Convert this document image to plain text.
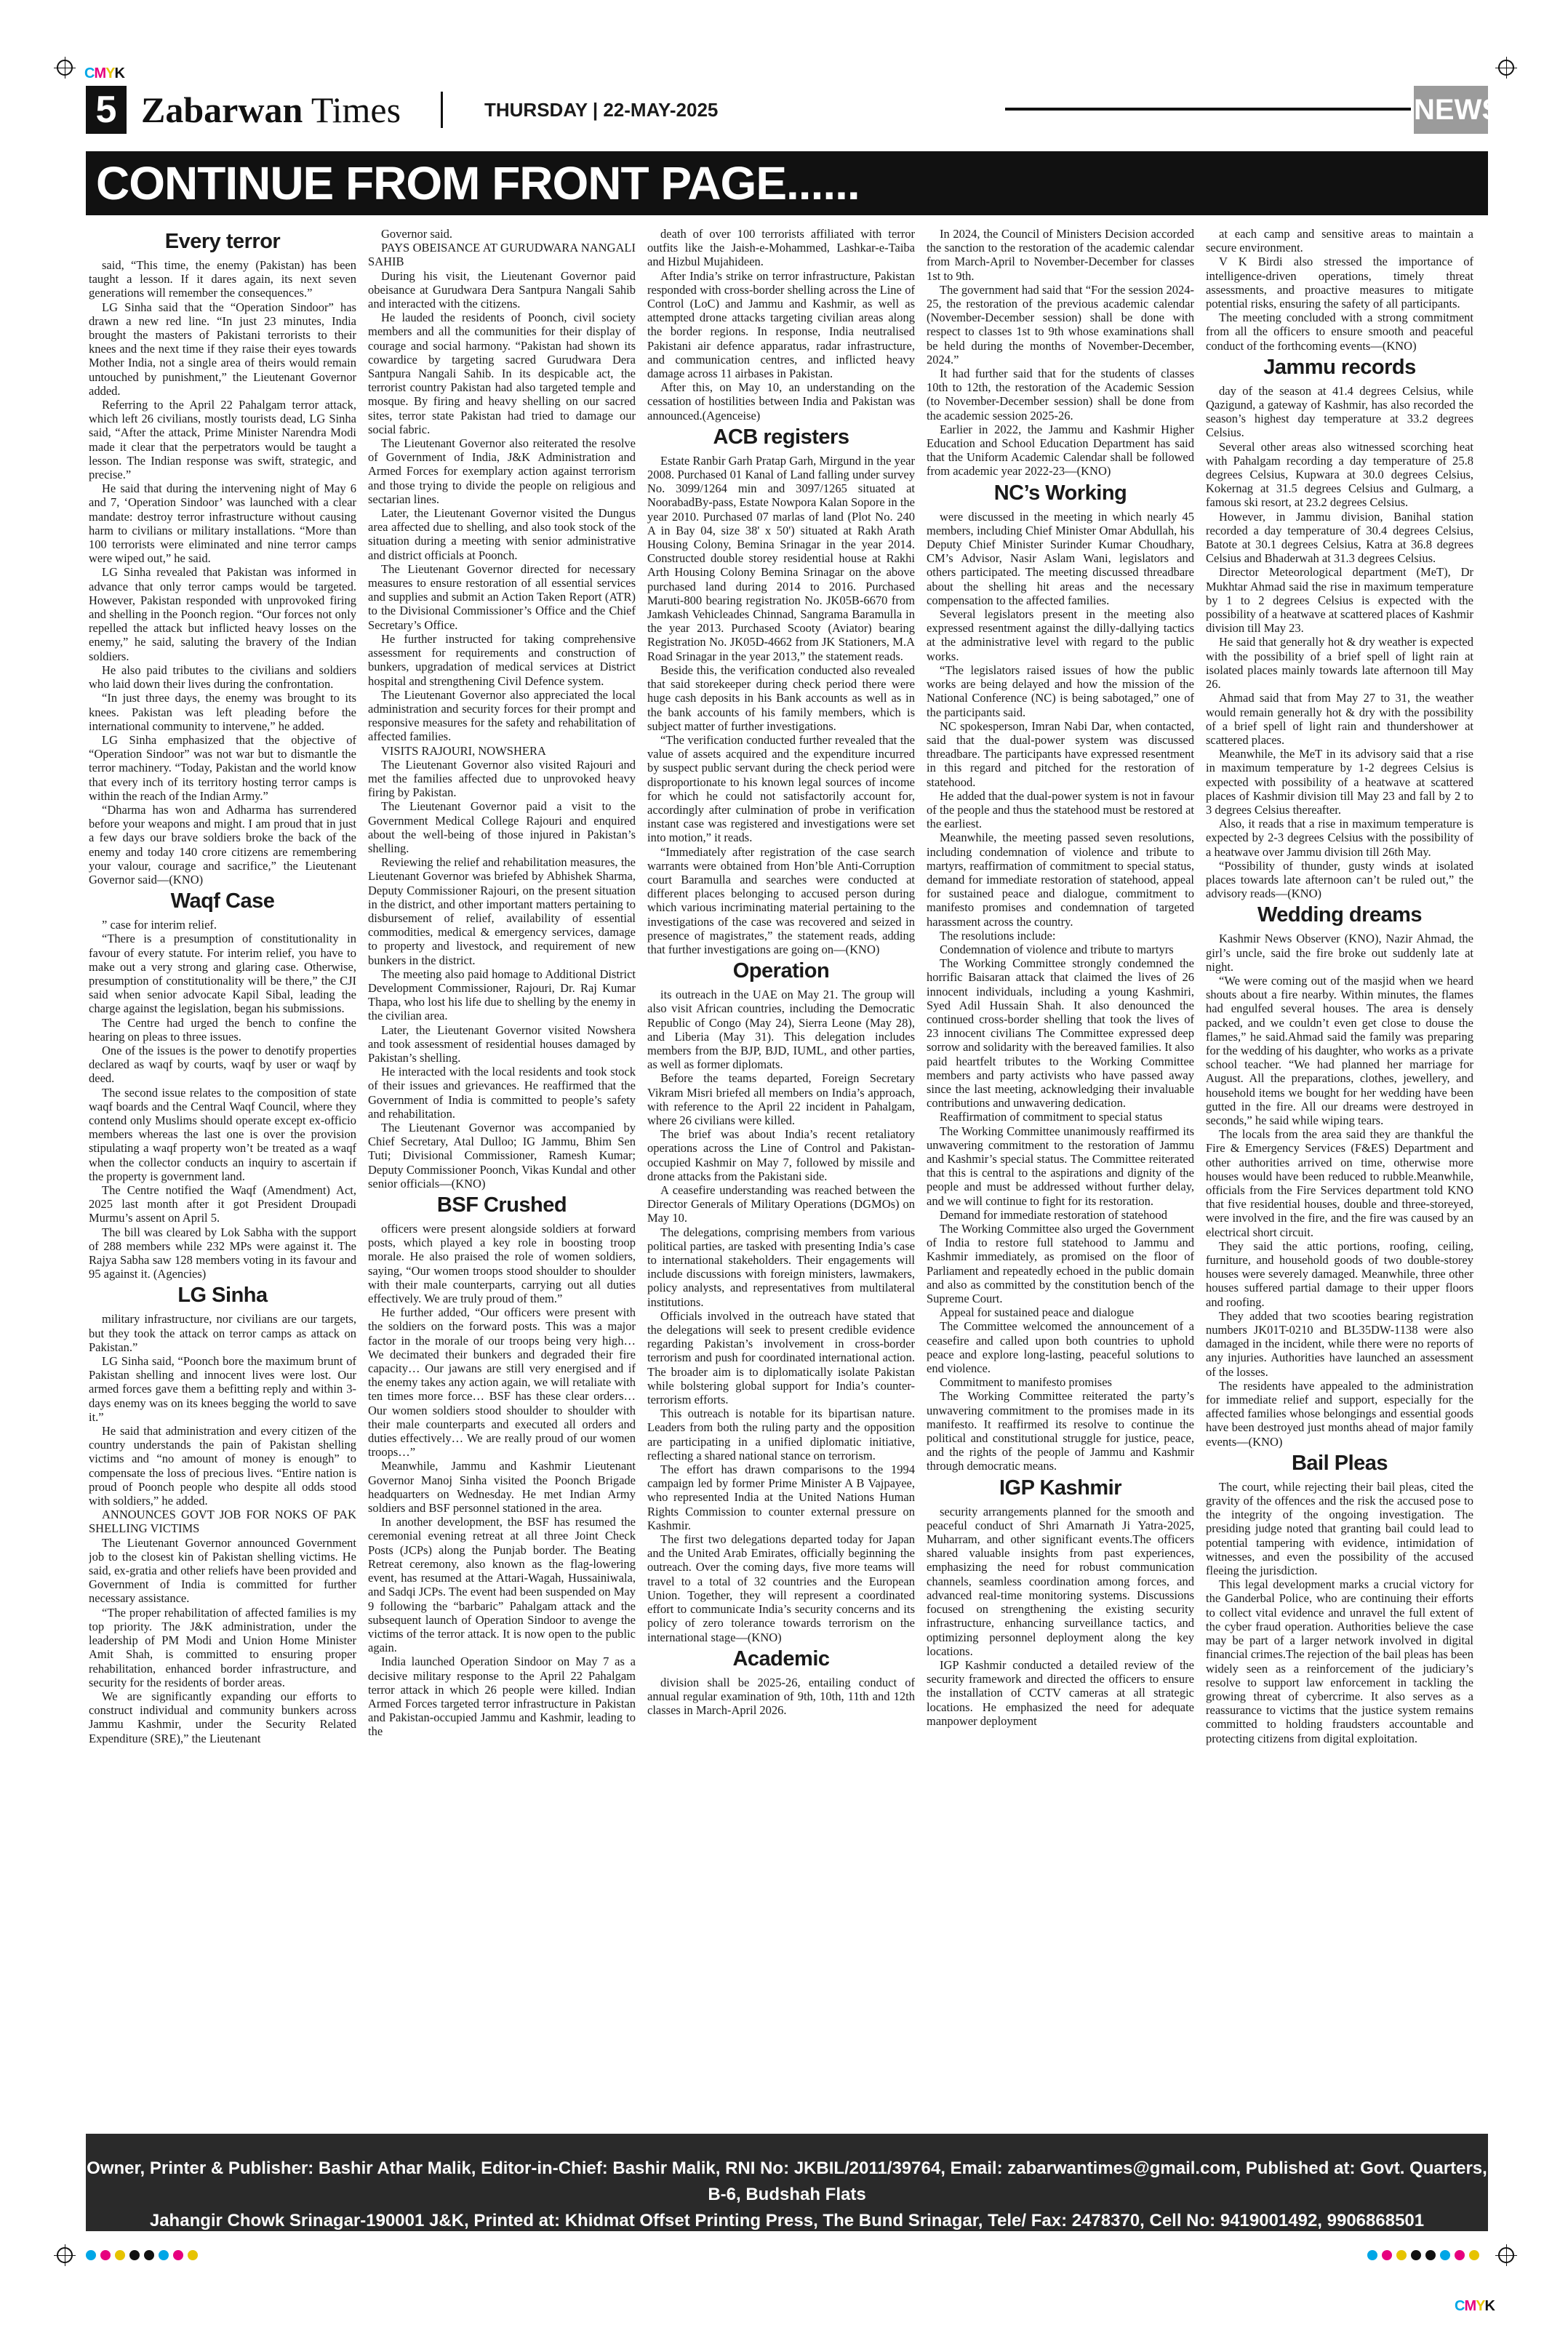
CMYK
5 Zabarwan Times	THURSDAY | 22-MAY-2025	NEWS
CONTINUE FROM FRONT PAGE......
Every terror

said, “This time, the enemy (Pakistan) has been taught a lesson. If it dares again, its next seven generations will remember the consequences.”

LG Sinha said that the “Operation Sindoor” has drawn a new red line. “In just 23 minutes, India brought the masters of Pakistani terrorists to their knees and the next time if they raise their eyes towards Mother India, not a single area of theirs would remain untouched by punishment,” the Lieutenant Governor added.

Referring to the April 22 Pahalgam terror attack, which left 26 civilians, mostly tourists dead, LG Sinha said, “After the attack, Prime Minister Narendra Modi made it clear that the perpetrators would be taught a lesson. The Indian response was swift, strategic, and precise.”

He said that during the intervening night of May 6 and 7, ‘Operation Sindoor’ was launched with a clear mandate: destroy terror infrastructure without causing harm to civilians or military installations. “More than 100 terrorists were eliminated and nine terror camps were wiped out,” he said.

LG Sinha revealed that Pakistan was informed in advance that only terror camps would be targeted. However, Pakistan responded with unprovoked firing and shelling in the Poonch region. “Our forces not only repelled the attack but inflicted heavy losses on the enemy,” he said, saluting the bravery of the Indian soldiers.

He also paid tributes to the civilians and soldiers who laid down their lives during the confrontation.

“In just three days, the enemy was brought to its knees. Pakistan was left pleading before the international community to intervene,” he added.

LG Sinha emphasized that the objective of “Operation Sindoor” was not war but to dismantle the terror machinery. “Today, Pakistan and the world know that every inch of its territory hosting terror camps is within the reach of the Indian Army.”

“Dharma has won and Adharma has surrendered before your weapons and might. I am proud that in just a few days our brave soldiers broke the back of the enemy and today 140 crore citizens are remembering your valour, courage and sacrifice,” the Lieutenant Governor said—(KNO)

Waqf Case

” case for interim relief.

“There is a presumption of constitutionality in favour of every statute. For interim relief, you have to make out a very strong and glaring case. Otherwise, presumption of constitutionality will be there,” the CJI said when senior advocate Kapil Sibal, leading the charge against the legislation, began his submissions.

The Centre had urged the bench to confine the hearing on pleas to three issues.

One of the issues is the power to denotify properties declared as waqf by courts, waqf by user or waqf by deed.

The second issue relates to the composition of state waqf boards and the Central Waqf Council, where they contend only Muslims should operate except ex-officio members whereas the last one is over the provision stipulating a waqf property won’t be treated as a waqf when the collector conducts an inquiry to ascertain if the property is government land.

The Centre notified the Waqf (Amendment) Act, 2025 last month after it got President Droupadi Murmu’s assent on April 5.

The bill was cleared by Lok Sabha with the support of 288 members while 232 MPs were against it. The Rajya Sabha saw 128 members voting in its favour and 95 against it. (Agencies)

LG Sinha

military infrastructure, nor civilians are our targets, but they took the attack on terror camps as attack on Pakistan.”

LG Sinha said, “Poonch bore the maximum brunt of Pakistan shelling and innocent lives were lost. Our armed forces gave them a befitting reply and within 3-days enemy was on its knees begging the world to save it.”

He said that administration and every citizen of the country understands the pain of Pakistan shelling victims and “no amount of money is enough” to compensate the loss of precious lives. “Entire nation is proud of Poonch people who despite all odds stood with soldiers,” he added.

ANNOUNCES GOVT JOB FOR NOKS OF PAK SHELLING VICTIMS

The Lieutenant Governor announced Government job to the closest kin of Pakistan shelling victims. He said, ex-gratia and other reliefs have been provided and Government of India is committed for further necessary assistance.

“The proper rehabilitation of affected families is my top priority. The J&K administration, under the leadership of PM Modi and Union Home Minister Amit Shah, is committed to ensuring proper rehabilitation, enhanced border infrastructure, and security for the residents of border areas.

We are significantly expanding our efforts to construct individual and community bunkers across Jammu Kashmir, under the Security Related Expenditure (SRE),” the Lieutenant

Governor said.

PAYS OBEISANCE AT GURUDWARA NANGALI SAHIB

During his visit, the Lieutenant Governor paid obeisance at Gurudwara Dera Santpura Nangali Sahib and interacted with the citizens.

He lauded the residents of Poonch, civil society members and all the communities for their display of courage and social harmony. “Pakistan had shown its cowardice by targeting sacred Gurudwara Dera Santpura Nangali Sahib. In its despicable act, the terrorist country Pakistan had also targeted temple and mosque. By firing and heavy shelling on our sacred sites, terror state Pakistan had tried to damage our social fabric.

The Lieutenant Governor also reiterated the resolve of Government of India, J&K Administration and Armed Forces for exemplary action against terrorism and those trying to divide the people on religious and sectarian lines.

Later, the Lieutenant Governor visited the Dungus area affected due to shelling, and also took stock of the situation during a meeting with senior administrative and district officials at Poonch.

The Lieutenant Governor directed for necessary measures to ensure restoration of all essential services and supplies and submit an Action Taken Report (ATR) to the Divisional Commissioner’s Office and the Chief Secretary’s Office.

He further instructed for taking comprehensive assessment for requirements and construction of bunkers, upgradation of medical services at District hospital and strengthening Civil Defence system.

The Lieutenant Governor also appreciated the local administration and security forces for their prompt and responsive measures for the safety and rehabilitation of affected families.

VISITS RAJOURI, NOWSHERA

The Lieutenant Governor also visited Rajouri and met the families affected due to unprovoked heavy firing by Pakistan.

The Lieutenant Governor paid a visit to the Government Medical College Rajouri and enquired about the well-being of those injured in Pakistan’s shelling.

Reviewing the relief and rehabilitation measures, the Lieutenant Governor was briefed by Abhishek Sharma, Deputy Commissioner Rajouri, on the present situation in the district, and other important matters pertaining to disbursement of relief, availability of essential commodities, medical & emergency services, damage to property and livestock, and requirement of new bunkers in the district.

The meeting also paid homage to Additional District Development Commissioner, Rajouri, Dr. Raj Kumar Thapa, who lost his life due to shelling by the enemy in the civilian area.

Later, the Lieutenant Governor visited Nowshera and took assessment of residential houses damaged by Pakistan’s shelling.

He interacted with the local residents and took stock of their issues and grievances. He reaffirmed that the Government of India is committed to people’s safety and rehabilitation.

The Lieutenant Governor was accompanied by Chief Secretary, Atal Dulloo; IG Jammu, Bhim Sen Tuti; Divisional Commissioner, Ramesh Kumar; Deputy Commissioner Poonch, Vikas Kundal and other senior officials—(KNO)

BSF Crushed

officers were present alongside soldiers at forward posts, which played a key role in boosting troop morale. He also praised the role of women soldiers, saying, “Our women troops stood shoulder to shoulder with their male counterparts, carrying out all duties effectively. We are truly proud of them.”

He further added, “Our officers were present with the soldiers on the forward posts. This was a major factor in the morale of our troops being very high… We decimated their bunkers and degraded their fire capacity… Our jawans are still very energised and if the enemy takes any action again, we will retaliate with ten times more force… BSF has these clear orders… Our women soldiers stood shoulder to shoulder with their male counterparts and executed all orders and duties effectively… We are really proud of our women troops…”

Meanwhile, Jammu and Kashmir Lieutenant Governor Manoj Sinha visited the Poonch Brigade headquarters on Wednesday. He met Indian Army soldiers and BSF personnel stationed in the area.

In another development, the BSF has resumed the ceremonial evening retreat at all three Joint Check Posts (JCPs) along the Punjab border. The Beating Retreat ceremony, also known as the flag-lowering event, has resumed at the Attari-Wagah, Hussainiwala, and Sadqi JCPs. The event had been suspended on May 9 following the “barbaric” Pahalgam attack and the subsequent launch of Operation Sindoor to avenge the victims of the terror attack. It is now open to the public again.

India launched Operation Sindoor on May 7 as a decisive military response to the April 22 Pahalgam terror attack in which 26 people were killed. Indian Armed Forces targeted terror infrastructure in Pakistan and Pakistan-occupied Jammu and Kashmir, leading to the

death of over 100 terrorists affiliated with terror outfits like the Jaish-e-Mohammed, Lashkar-e-Taiba and Hizbul Mujahideen.

After India’s strike on terror infrastructure, Pakistan responded with cross-border shelling across the Line of Control (LoC) and Jammu and Kashmir, as well as attempted drone attacks targeting civilian areas along the border regions. In response, India neutralised Pakistani air defence apparatus, radar infrastructure, and communication centres, and inflicted heavy damage across 11 airbases in Pakistan.

After this, on May 10, an understanding on the cessation of hostilities between India and Pakistan was announced.(Agenceise)

ACB registers

Estate Ranbir Garh Pratap Garh, Mirgund in the year 2008. Purchased 01 Kanal of Land falling under survey No. 3099/1264 min and 3097/1265 situated at NoorabadBy-pass, Estate Nowpora Kalan Sopore in the year 2010. Purchased 07 marlas of land (Plot No. 240 A in Bay 04, size 38' x 50') situated at Rakh Arath Housing Colony, Bemina Srinagar in the year 2014. Constructed double storey residential house at Rakhi Arth Housing Colony Bemina Srinagar on the above purchased land during 2014 to 2016. Purchased Maruti-800 bearing registration No. JK05B-6670 from Jamkash Vehicleades Chinnad, Sangrama Baramulla in the year 2013. Purchased Scooty (Aviator) bearing Registration No. JK05D-4662 from JK Stationers, M.A Road Srinagar in the year 2013,” the statement reads.

Beside this, the verification conducted also revealed that said storekeeper during check period there were huge cash deposits in his Bank accounts as well as in the bank accounts of his family members, which is subject matter of further investigations.

“The verification conducted further revealed that the value of assets acquired and the expenditure incurred by suspect public servant during the check period were disproportionate to his known legal sources of income for which he could not satisfactorily account for, accordingly after culmination of probe in verification instant case was registered and investigations were set into motion,” it reads.

“Immediately after registration of the case search warrants were obtained from Hon’ble Anti-Corruption court Baramulla and searches were conducted at different places belonging to accused person during which various incriminating material pertaining to the investigations of the case was recovered and seized in presence of magistrates,” the statement reads, adding that further investigations are going on—(KNO)

Operation

its outreach in the UAE on May 21. The group will also visit African countries, including the Democratic Republic of Congo (May 24), Sierra Leone (May 28), and Liberia (May 31). This delegation includes members from the BJP, BJD, IUML, and other parties, as well as former diplomats.

Before the teams departed, Foreign Secretary Vikram Misri briefed all members on India’s approach, with reference to the April 22 incident in Pahalgam, where 26 civilians were killed.

The brief was about India’s recent retaliatory operations across the Line of Control and Pakistan-occupied Kashmir on May 7, followed by missile and drone attacks from the Pakistani side.

A ceasefire understanding was reached between the Director Generals of Military Operations (DGMOs) on May 10.

The delegations, comprising members from various political parties, are tasked with presenting India’s case to international stakeholders. Their engagements will include discussions with foreign ministers, lawmakers, policy analysts, and representatives from multilateral institutions.

Officials involved in the outreach have stated that the delegations will seek to present credible evidence regarding Pakistan’s involvement in cross-border terrorism and push for coordinated international action. The broader aim is to diplomatically isolate Pakistan while bolstering global support for India’s counter-terrorism efforts.

This outreach is notable for its bipartisan nature. Leaders from both the ruling party and the opposition are participating in a unified diplomatic initiative, reflecting a shared national stance on terrorism.

The effort has drawn comparisons to the 1994 campaign led by former Prime Minister A B Vajpayee, who represented India at the United Nations Human Rights Commission to counter external pressure on Kashmir.

The first two delegations departed today for Japan and the United Arab Emirates, officially beginning the outreach. Over the coming days, five more teams will travel to a total of 32 countries and the European Union. Together, they will represent a coordinated effort to communicate India’s security concerns and its policy of zero tolerance towards terrorism on the international stage—(KNO)

Academic

division shall be 2025-26, entailing conduct of annual regular examination of 9th, 10th, 11th and 12th classes in March-April 2026.

In 2024, the Council of Ministers Decision accorded the sanction to the restoration of the academic calendar from March-April to November-December for classes 1st to 9th.

The government had said that “For the session 2024-25, the restoration of the previous academic calendar (November-December session) shall be done with respect to classes 1st to 9th whose examinations shall be held during the months of November-December, 2024.”

It had further said that for the students of classes 10th to 12th, the restoration of the Academic Session (to November-December session) shall be done from the academic session 2025-26.

Earlier in 2022, the Jammu and Kashmir Higher Education and School Education Department has said that the Uniform Academic Calendar shall be followed from academic year 2022-23—(KNO)

NC’s Working

were discussed in the meeting in which nearly 45 members, including Chief Minister Omar Abdullah, his Deputy Chief Minister Surinder Kumar Choudhary, CM’s Advisor, Nasir Aslam Wani, legislators and others participated. The meeting discussed threadbare about the shelling hit areas and the necessary compensation to the affected families.

Several legislators present in the meeting also expressed resentment against the dilly-dallying tactics at the administrative level with regard to the public works.

“The legislators raised issues of how the public works are being delayed and how the mission of the National Conference (NC) is being sabotaged,” one of the participants said.

NC spokesperson, Imran Nabi Dar, when contacted, said that the dual-power system was discussed threadbare. The participants have expressed resentment in this regard and pitched for the restoration of statehood.

He added that the dual-power system is not in favour of the people and thus the statehood must be restored at the earliest.

Meanwhile, the meeting passed seven resolutions, including condemnation of violence and tribute to martyrs, reaffirmation of commitment to special status, demand for immediate restoration of statehood, appeal for sustained peace and dialogue, commitment to manifesto promises and condemnation of targeted harassment across the country.

The resolutions include:

Condemnation of violence and tribute to martyrs

The Working Committee strongly condemned the horrific Baisaran attack that claimed the lives of 26 innocent individuals, including a young Kashmiri, Syed Adil Hussain Shah. It also denounced the continued cross-border shelling that took the lives of 23 innocent civilians The Committee expressed deep sorrow and solidarity with the bereaved families. It also paid heartfelt tributes to the Working Committee members and party activists who have passed away since the last meeting, acknowledging their invaluable contributions and unwavering dedication.

Reaffirmation of commitment to special status

The Working Committee unanimously reaffirmed its unwavering commitment to the restoration of Jammu and Kashmir’s special status. The Committee reiterated that this is central to the aspirations and dignity of the people and must be addressed without further delay, and we will continue to fight for its restoration.

Demand for immediate restoration of statehood

The Working Committee also urged the Government of India to restore full statehood to Jammu and Kashmir immediately, as promised on the floor of Parliament and repeatedly echoed in the public domain and also as committed by the constitution bench of the Supreme Court.

Appeal for sustained peace and dialogue

The Committee welcomed the announcement of a ceasefire and called upon both countries to uphold peace and explore long-lasting, peaceful solutions to end violence.

Commitment to manifesto promises

The Working Committee reiterated the party’s unwavering commitment to the promises made in its manifesto. It reaffirmed its resolve to continue the political and constitutional struggle for justice, peace, and the rights of the people of Jammu and Kashmir through democratic means.

IGP Kashmir

security arrangements planned for the smooth and peaceful conduct of Shri Amarnath Ji Yatra-2025, Muharram, and other significant events.The officers shared valuable insights from past experiences, emphasizing the need for robust communication channels, seamless coordination among forces, and advanced real-time monitoring systems. Discussions focused on strengthening the existing security infrastructure, enhancing surveillance tactics, and optimizing personnel deployment along the key locations.

IGP Kashmir conducted a detailed review of the security framework and directed the officers to ensure the installation of CCTV cameras at all strategic locations. He emphasized the need for adequate manpower deployment

at each camp and sensitive areas to maintain a secure environment.

V K Birdi also stressed the importance of intelligence-driven operations, timely threat assessments, and proactive measures to mitigate potential risks, ensuring the safety of all participants.

The meeting concluded with a strong commitment from all the officers to ensure smooth and peaceful conduct of the forthcoming events—(KNO)

Jammu records

day of the season at 41.4 degrees Celsius, while Qazigund, a gateway of Kashmir, has also recorded the season’s highest day temperature at 33.2 degrees Celsius.

Several other areas also witnessed scorching heat with Pahalgam recording a day temperature of 25.8 degrees Celsius, Kupwara at 30.0 degrees Celsius, Kokernag at 31.5 degrees Celsius and Gulmarg, a famous ski resort, at 23.2 degrees Celsius.

However, in Jammu division, Banihal station recorded a day temperature of 30.4 degrees Celsius, Batote at 30.1 degrees Celsius, Katra at 36.8 degrees Celsius and Bhaderwah at 31.3 degrees Celsius.

Director Meteorological department (MeT), Dr Mukhtar Ahmad said the rise in maximum temperature by 1 to 2 degrees Celsius is expected with the possibility of a heatwave at scattered places of Kashmir division till May 23.

He said that generally hot & dry weather is expected with the possibility of a brief spell of light rain at isolated places mainly towards late afternoon till May 26.

Ahmad said that from May 27 to 31, the weather would remain generally hot & dry with the possibility of a brief spell of light rain and thundershower at scattered places.

Meanwhile, the MeT in its advisory said that a rise in maximum temperature by 1-2 degrees Celsius is expected with possibility of a heatwave at scattered places of Kashmir division till May 23 and fall by 2 to 3 degrees Celsius thereafter.

Also, it reads that a rise in maximum temperature is expected by 2-3 degrees Celsius with the possibility of a heatwave over Jammu division till 26th May.

“Possibility of thunder, gusty winds at isolated places towards late afternoon can’t be ruled out,” the advisory reads—(KNO)

Wedding dreams

Kashmir News Observer (KNO), Nazir Ahmad, the girl’s uncle, said the fire broke out suddenly late at night.

“We were coming out of the masjid when we heard shouts about a fire nearby. Within minutes, the flames had engulfed several houses. The area is densely packed, and we couldn’t even get close to douse the flames,” he said.Ahmad said the family was preparing for the wedding of his daughter, who works as a private school teacher. “We had planned her marriage for August. All the preparations, clothes, jewellery, and household items we bought for her wedding have been gutted in the fire. All our dreams were destroyed in seconds,” he said while wiping tears.

The locals from the area said they are thankful the Fire & Emergency Services (F&ES) Department and other authorities arrived on time, otherwise more houses would have been reduced to rubble.Meanwhile, officials from the Fire Services department told KNO that five residential houses, double and three-storeyed, were involved in the fire, and the fire was caused by an electrical short circuit.

They said the attic portions, roofing, ceiling, furniture, and household goods of two double-storey houses were severely damaged. Meanwhile, three other houses suffered partial damage to their upper floors and roofing.

They added that two scooties bearing registration numbers JK01T-0210 and BL35DW-1138 were also damaged in the incident, while there were no reports of any injuries. Authorities have launched an assessment of the losses.

The residents have appealed to the administration for immediate relief and support, especially for the affected families whose belongings and essential goods have been destroyed just months ahead of major family events—(KNO)

Bail Pleas

The court, while rejecting their bail pleas, cited the gravity of the offences and the risk the accused pose to the integrity of the ongoing investigation. The presiding judge noted that granting bail could lead to potential tampering with evidence, intimidation of witnesses, and even the possibility of the accused fleeing the jurisdiction.

This legal development marks a crucial victory for the Ganderbal Police, who are continuing their efforts to collect vital evidence and unravel the full extent of the cyber fraud operation. Authorities believe the case may be part of a larger network involved in digital financial crimes.The rejection of the bail pleas has been widely seen as a reinforcement of the judiciary’s resolve to support law enforcement in tackling the growing threat of cybercrime. It also serves as a reassurance to victims that the justice system remains committed to holding fraudsters accountable and protecting citizens from digital exploitation.

Owner, Printer & Publisher: Bashir Athar Malik, Editor-in-Chief: Bashir Malik, RNI No: JKBIL/2011/39764, Email: zabarwantimes@gmail.com, Published at: Govt. Quarters, B-6, Budshah Flats
Jahangir Chowk Srinagar-190001 J&K, Printed at: Khidmat Offset Printing Press, The Bund Srinagar, Tele/ Fax: 2478370, Cell No: 9419001492, 9906868501
CMYK
